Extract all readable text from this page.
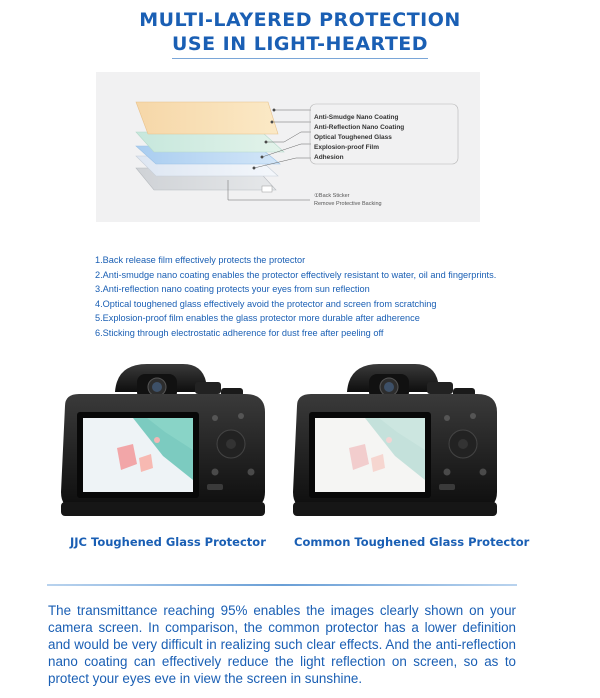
MULTI-LAYERED PROTECTION
USE IN LIGHT-HEARTED
Anti-Smudge Nano Coating
Anti-Reflection Nano Coating
Optical Toughened Glass
Explosion-proof Film
Adhesion
①Back Sticker
Remove Protective Backing
1.Back release film effectively protects the protector
2.Anti-smudge nano coating enables the protector effectively resistant to water, oil and fingerprints.
3.Anti-reflection nano coating protects your eyes from sun reflection
4.Optical toughened glass effectively avoid the protector and screen from scratching
5.Explosion-proof film enables the glass protector more durable after adherence
6.Sticking through electrostatic adherence for dust free after peeling off
JJC Toughened Glass Protector Common Toughened Glass Protector
The transmittance reaching 95% enables the images clearly shown on your camera screen. In comparison, the common protector has a lower definition and would be very difficult in realizing such clear effects. And the anti-reflection nano coating can effectively reduce the light reflection on screen, so as to protect your eyes eve in view the screen in sunshine.
